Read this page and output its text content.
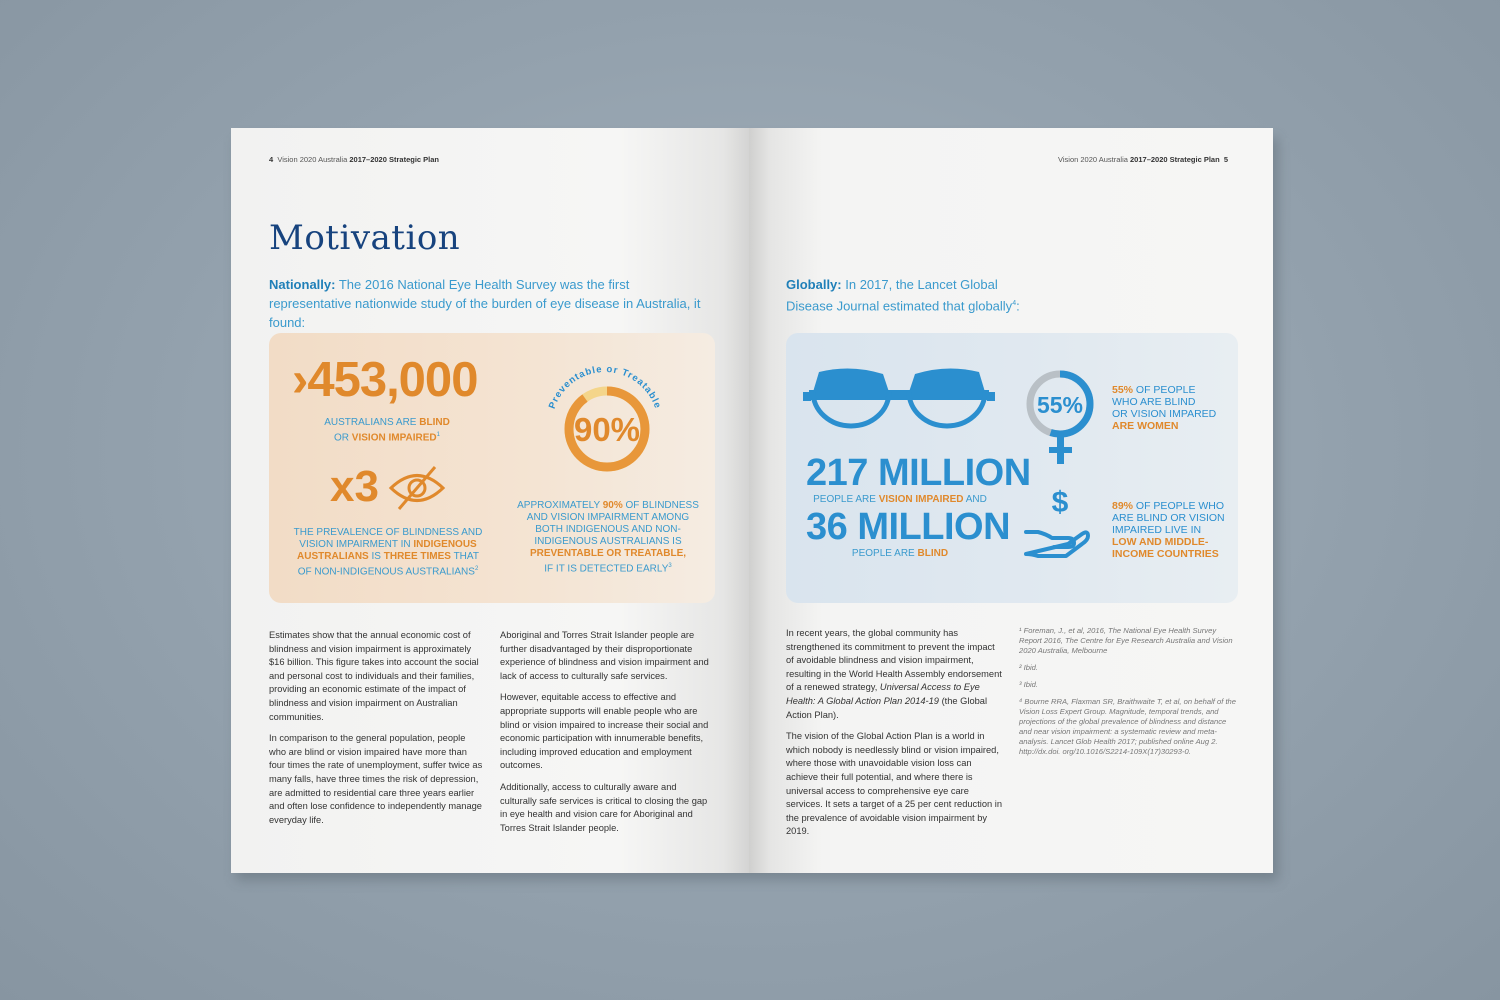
4 Vision 2020 Australia 2017–2020 Strategic Plan
Motivation
Nationally: The 2016 National Eye Health Survey was the first representative nationwide study of the burden of eye disease in Australia, it found:
›453,000
AUSTRALIANS ARE BLIND
OR VISION IMPAIRED$^1$
x3
THE PREVALENCE OF BLINDNESS AND
VISION IMPAIRMENT IN INDIGENOUS
AUSTRALIANS IS THREE TIMES THAT
OF NON-INDIGENOUS AUSTRALIANS$^2$
Preventable or Treatable
90%
APPROXIMATELY 90% OF BLINDNESS
AND VISION IMPAIRMENT AMONG
BOTH INDIGENOUS AND NON-
INDIGENOUS AUSTRALIANS IS
PREVENTABLE OR TREATABLE,
IF IT IS DETECTED EARLY$^3$

Estimates show that the annual economic cost of blindness and vision impairment is approximately $16 billion. This figure takes into account the social and personal cost to individuals and their families, providing an economic estimate of the impact of blindness and vision impairment on Australian communities.

In comparison to the general population, people who are blind or vision impaired have more than four times the rate of unemployment, suffer twice as many falls, have three times the risk of depression, are admitted to residential care three years earlier and often lose confidence to independently manage everyday life.

Aboriginal and Torres Strait Islander people are further disadvantaged by their disproportionate experience of blindness and vision impairment and lack of access to culturally safe services.

However, equitable access to effective and appropriate supports will enable people who are blind or vision impaired to increase their social and economic participation with innumerable benefits, including improved education and employment outcomes.

Additionally, access to culturally aware and culturally safe services is critical to closing the gap in eye health and vision care for Aboriginal and Torres Strait Islander people.

Vision 2020 Australia 2017–2020 Strategic Plan 5
Globally: In 2017, the Lancet Global
Disease Journal estimated that globally$^4$:
217 MILLION
PEOPLE ARE VISION IMPAIRED AND
36 MILLION
PEOPLE ARE BLIND
55%
55% OF PEOPLE
WHO ARE BLIND
OR VISION IMPARED
ARE WOMEN
$	89% OF PEOPLE WHO
ARE BLIND OR VISION
IMPAIRED LIVE IN
LOW AND MIDDLE-
INCOME COUNTRIES

In recent years, the global community has strengthened its commitment to prevent the impact of avoidable blindness and vision impairment, resulting in the World Health Assembly endorsement of a renewed strategy, Universal Access to Eye Health: A Global Action Plan 2014-19 (the Global Action Plan).

The vision of the Global Action Plan is a world in which nobody is needlessly blind or vision impaired, where those with unavoidable vision loss can achieve their full potential, and where there is universal access to comprehensive eye care services. It sets a target of a 25 per cent reduction in the prevalence of avoidable vision impairment by 2019.

¹ Foreman, J., et al, 2016, The National Eye Health Survey Report 2016, The Centre for Eye Research Australia and Vision 2020 Australia, Melbourne

² Ibid.

³ Ibid.

⁴ Bourne RRA, Flaxman SR, Braithwaite T, et al, on behalf of the Vision Loss Expert Group. Magnitude, temporal trends, and projections of the global prevalence of blindness and distance and near vision impairment: a systematic review and meta-analysis. Lancet Glob Health 2017; published online Aug 2. http://dx.doi. org/10.1016/S2214-109X(17)30293-0.
